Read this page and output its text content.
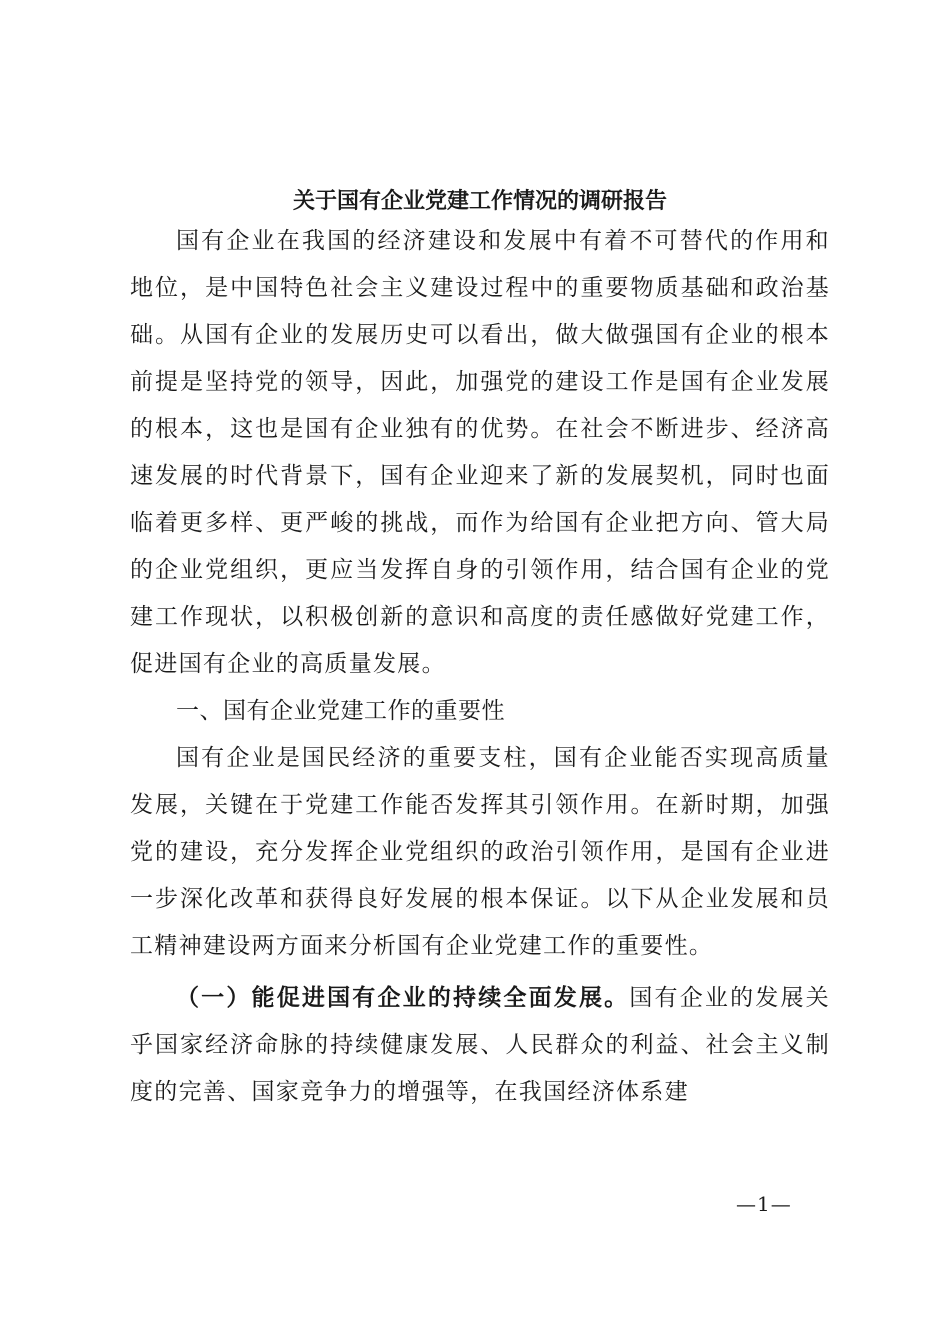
关于国有企业党建工作情况的调研报告

国有企业在我国的经济建设和发展中有着不可替代的作用和地位，是中国特色社会主义建设过程中的重要物质基础和政治基础。从国有企业的发展历史可以看出，做大做强国有企业的根本前提是坚持党的领导，因此，加强党的建设工作是国有企业发展的根本，这也是国有企业独有的优势。在社会不断进步、经济高速发展的时代背景下，国有企业迎来了新的发展契机，同时也面临着更多样、更严峻的挑战，而作为给国有企业把方向、管大局的企业党组织，更应当发挥自身的引领作用，结合国有企业的党建工作现状，以积极创新的意识和高度的责任感做好党建工作，促进国有企业的高质量发展。

一、国有企业党建工作的重要性

国有企业是国民经济的重要支柱，国有企业能否实现高质量发展，关键在于党建工作能否发挥其引领作用。在新时期，加强党的建设，充分发挥企业党组织的政治引领作用，是国有企业进一步深化改革和获得良好发展的根本保证。以下从企业发展和员工精神建设两方面来分析国有企业党建工作的重要性。

（一）能促进国有企业的持续全面发展。国有企业的发展关乎国家经济命脉的持续健康发展、人民群众的利益、社会主义制度的完善、国家竞争力的增强等，在我国经济体系建

—1—
